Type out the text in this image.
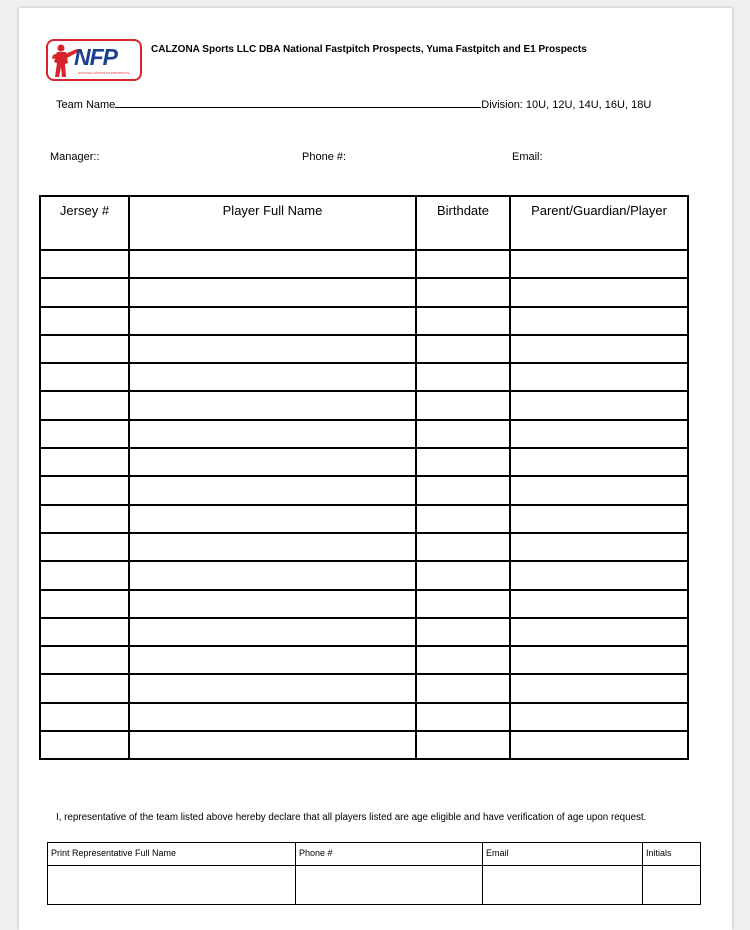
NFP
NATIONAL FASTPITCH PROSPECTS
CALZONA Sports LLC DBA National Fastpitch Prospects, Yuma Fastpitch and E1 Prospects
Team Name	Division: 10U, 12U, 14U, 16U, 18U
Manager::	Phone #:	Email:
Jersey #	Player Full Name	Birthdate	Parent/Guardian/Player

I, representative of the team listed above hereby declare that all players listed are age eligible and have verification of age upon request.
Print Representative Full Name	Phone #	Email	Initials
